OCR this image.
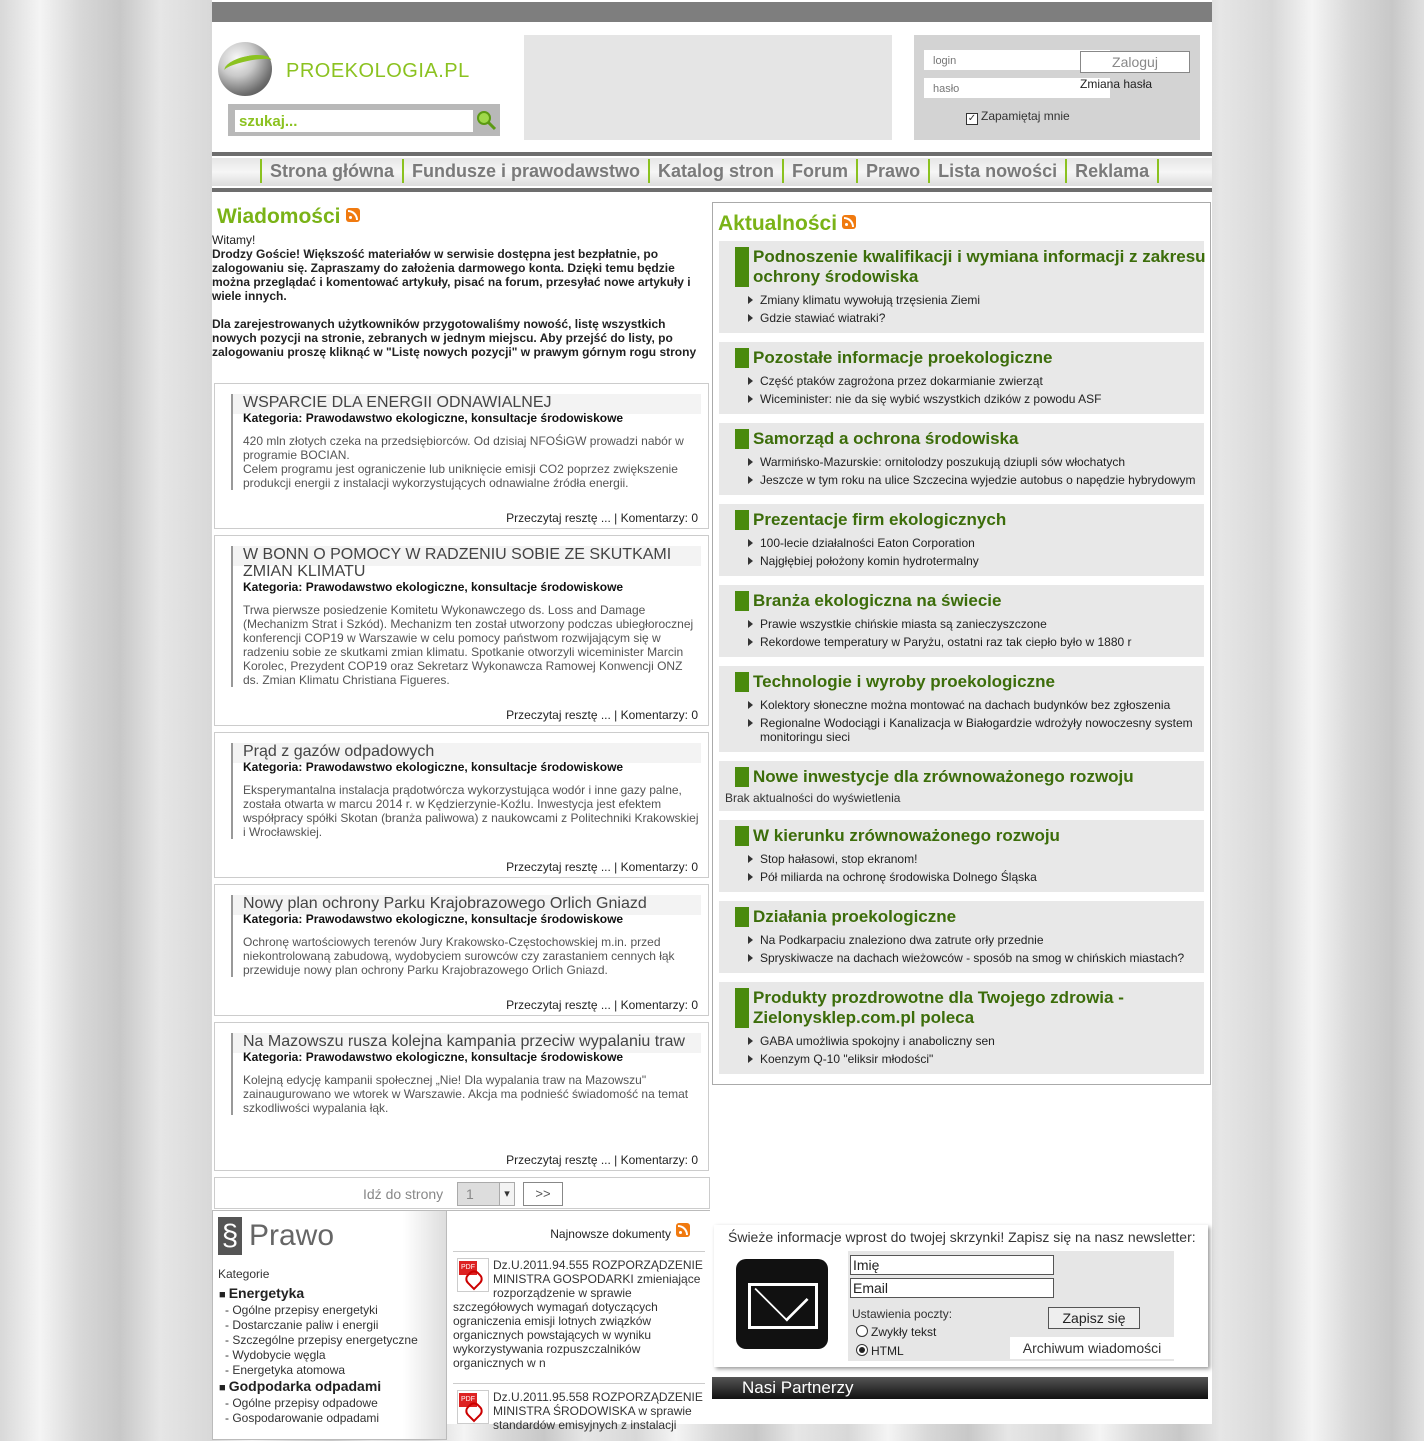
PROEKOLOGIA.PL
szukaj...	login
hasło
Zaloguj
Zmiana hasła
✓ Zapamiętaj mnie
Strona główna	Fundusze i prawodawstwo	Katalog stron	Forum	Prawo	Lista nowości	Reklama
Wiadomości
Witamy!
Drodzy Goście! Większość materiałów w serwisie dostępna jest bezpłatnie, po zalogowaniu się. Zapraszamy do założenia darmowego konta. Dzięki temu będzie można przeglądać i komentować artykuły, pisać na forum, przesyłać nowe artykuły i wiele innych.

Dla zarejestrowanych użytkowników przygotowaliśmy nowość, listę wszystkich nowych pozycji na stronie, zebranych w jednym miejscu. Aby przejść do listy, po zalogowaniu proszę kliknąć w "Listę nowych pozycji" w prawym górnym rogu strony
WSPARCIE DLA ENERGII ODNAWIALNEJ
Kategoria: Prawodawstwo ekologiczne, konsultacje środowiskowe
420 mln złotych czeka na przedsiębiorców. Od dzisiaj NFOŚiGW prowadzi nabór w programie BOCIAN.
Celem programu jest ograniczenie lub uniknięcie emisji CO2 poprzez zwiększenie produkcji energii z instalacji wykorzystujących odnawialne źródła energii.
Przeczytaj resztę ... | Komentarzy: 0
W BONN O POMOCY W RADZENIU SOBIE ZE SKUTKAMI ZMIAN KLIMATU
Kategoria: Prawodawstwo ekologiczne, konsultacje środowiskowe
Trwa pierwsze posiedzenie Komitetu Wykonawczego ds. Loss and Damage (Mechanizm Strat i Szkód). Mechanizm ten został utworzony podczas ubiegłorocznej konferencji COP19 w Warszawie w celu pomocy państwom rozwijającym się w radzeniu sobie ze skutkami zmian klimatu. Spotkanie otworzyli wiceminister Marcin Korolec, Prezydent COP19 oraz Sekretarz Wykonawcza Ramowej Konwencji ONZ ds. Zmian Klimatu Christiana Figueres.
Przeczytaj resztę ... | Komentarzy: 0
Prąd z gazów odpadowych
Kategoria: Prawodawstwo ekologiczne, konsultacje środowiskowe
Eksperymantalna instalacja prądotwórcza wykorzystująca wodór i inne gazy palne, została otwarta w marcu 2014 r. w Kędzierzynie-Koźlu. Inwestycja jest efektem współpracy spółki Skotan (branża paliwowa) z naukowcami z Politechniki Krakowskiej i Wrocławskiej.
Przeczytaj resztę ... | Komentarzy: 0
Nowy plan ochrony Parku Krajobrazowego Orlich Gniazd
Kategoria: Prawodawstwo ekologiczne, konsultacje środowiskowe
Ochronę wartościowych terenów Jury Krakowsko-Częstochowskiej m.in. przed niekontrolowaną zabudową, wydobyciem surowców czy zarastaniem cennych łąk przewiduje nowy plan ochrony Parku Krajobrazowego Orlich Gniazd.
Przeczytaj resztę ... | Komentarzy: 0
Na Mazowszu rusza kolejna kampania przeciw wypalaniu traw
Kategoria: Prawodawstwo ekologiczne, konsultacje środowiskowe
Kolejną edycję kampanii społecznej „Nie! Dla wypalania traw na Mazowszu" zainaugurowano we wtorek w Warszawie. Akcja ma podnieść świadomość na temat szkodliwości wypalania łąk.
Przeczytaj resztę ... | Komentarzy: 0
Idź do strony	1 ▾	>>
§ Prawo
Kategorie
■ Energetyka
- Ogólne przepisy energetyki
- Dostarczanie paliw i energii
- Szczególne przepisy energetyczne
- Wydobycie węgla
- Energetyka atomowa
■ Godpodarka odpadami
- Ogólne przepisy odpadowe
- Gospodarowanie odpadami
Najnowsze dokumenty
PDF

Dz.U.2011.94.555 ROZPORZĄDZENIE MINISTRA GOSPODARKI zmieniające rozporządzenie w sprawie szczegółowych wymagań dotyczących ograniczenia emisji lotnych związków organicznych powstających w wyniku wykorzystywania rozpuszczalników organicznych w n

PDF

Dz.U.2011.95.558 ROZPORZĄDZENIE MINISTRA ŚRODOWISKA w sprawie standardów emisyjnych z instalacji

Aktualności
Podnoszenie kwalifikacji i wymiana informacji z zakresu ochrony środowiska
Zmiany klimatu wywołują trzęsienia Ziemi
Gdzie stawiać wiatraki?
Pozostałe informacje proekologiczne
Część ptaków zagrożona przez dokarmianie zwierząt
Wiceminister: nie da się wybić wszystkich dzików z powodu ASF
Samorząd a ochrona środowiska
Warmińsko-Mazurskie: ornitolodzy poszukują dziupli sów włochatych
Jeszcze w tym roku na ulice Szczecina wyjedzie autobus o napędzie hybrydowym
Prezentacje firm ekologicznych
100-lecie działalności Eaton Corporation
Najgłębiej położony komin hydrotermalny
Branża ekologiczna na świecie
Prawie wszystkie chińskie miasta są zanieczyszczone
Rekordowe temperatury w Paryżu, ostatni raz tak ciepło było w 1880 r
Technologie i wyroby proekologiczne
Kolektory słoneczne można montować na dachach budynków bez zgłoszenia
Regionalne Wodociągi i Kanalizacja w Białogardzie wdrożyły nowoczesny system monitoringu sieci
Nowe inwestycje dla zrównoważonego rozwoju
Brak aktualności do wyświetlenia
W kierunku zrównoważonego rozwoju
Stop hałasowi, stop ekranom!
Pół miliarda na ochronę środowiska Dolnego Śląska
Działania proekologiczne
Na Podkarpaciu znaleziono dwa zatrute orły przednie
Spryskiwacze na dachach wieżowców - sposób na smog w chińskich miastach?
Produkty prozdrowotne dla Twojego zdrowia - Zielonysklep.com.pl poleca
GABA umożliwia spokojny i anaboliczny sen
Koenzym Q-10 "eliksir młodości"
Świeże informacje wprost do twojej skrzynki! Zapisz się na nasz newsletter:
Imię
Email
Ustawienia poczty:
Zwykły tekst
HTML
Zapisz się
Archiwum wiadomości
Nasi Partnerzy
